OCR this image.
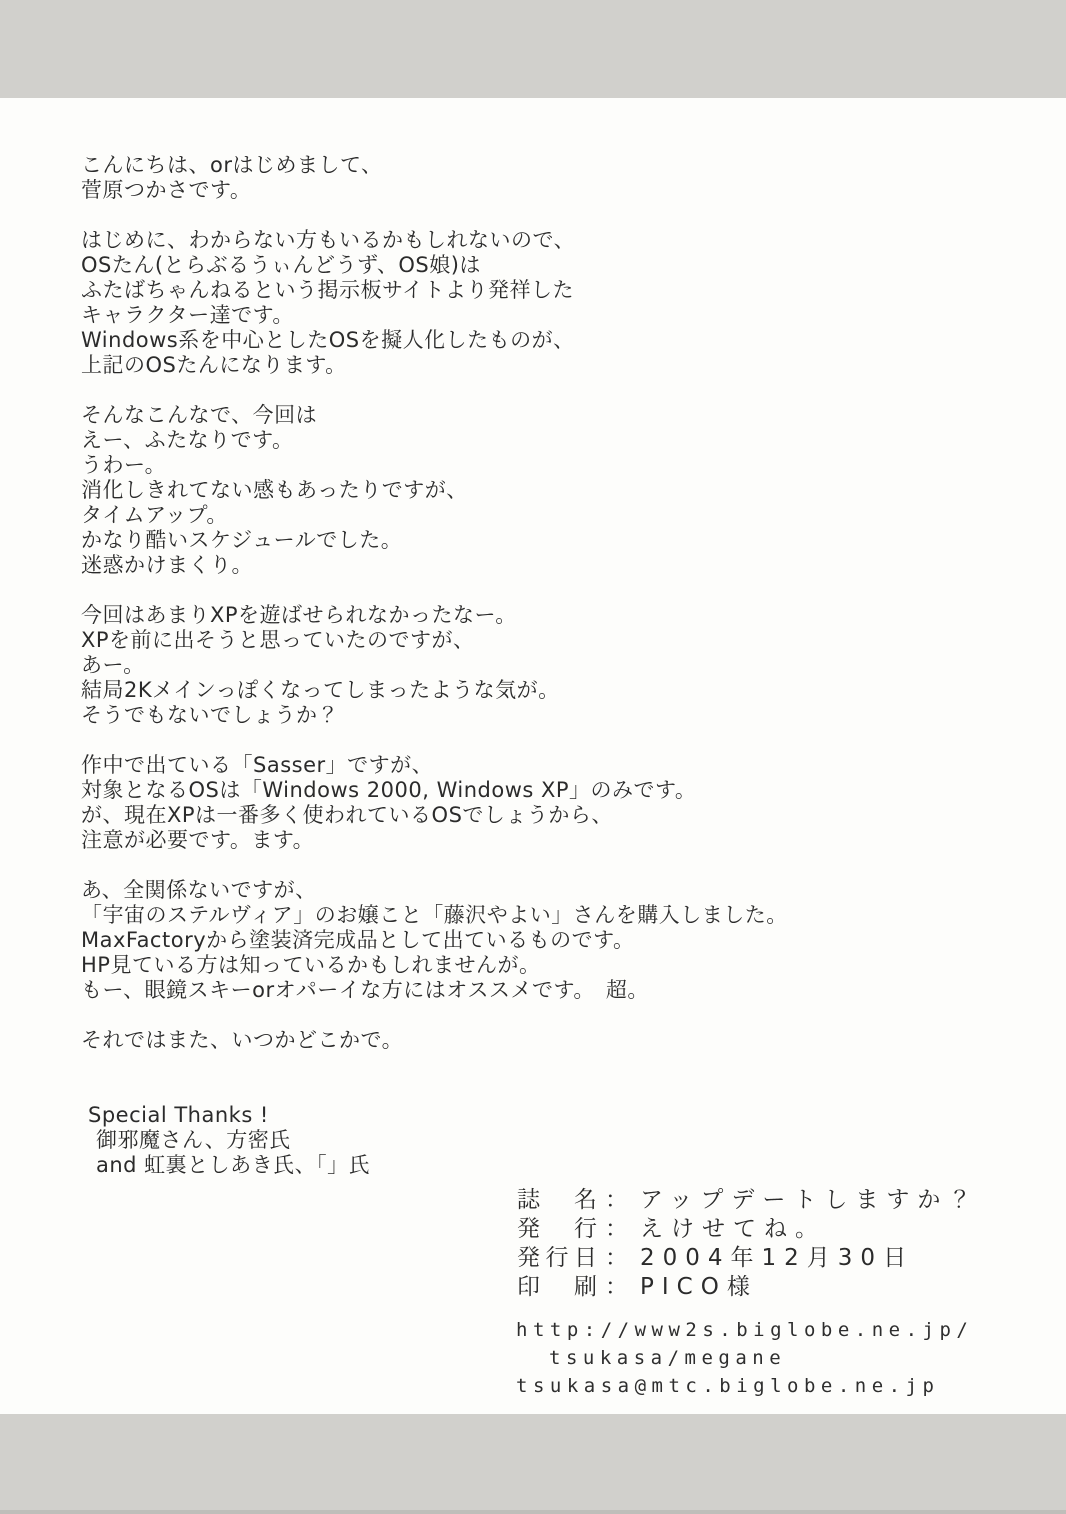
こんにちは、orはじめまして、
菅原つかさです。
はじめに、わからない方もいるかもしれないので、
OSたん(とらぶるうぃんどうず、OS娘)は
ふたばちゃんねるという掲示板サイトより発祥した
キャラクター達です。
Windows系を中心としたOSを擬人化したものが、
上記のOSたんになります。
そんなこんなで、今回は
えー、ふたなりです。
うわー。
消化しきれてない感もあったりですが、
タイムアップ。
かなり酷いスケジュールでした。
迷惑かけまくり。
今回はあまりXPを遊ばせられなかったなー。
XPを前に出そうと思っていたのですが、
あー。
結局2Kメインっぽくなってしまったような気が。
そうでもないでしょうか？
作中で出ている「Sasser」ですが、
対象となるOSは「Windows 2000, Windows XP」のみです。
が、現在XPは一番多く使われているOSでしょうから、
注意が必要です。ます。
あ、全関係ないですが、
「宇宙のステルヴィア」のお嬢こと「藤沢やよい」さんを購入しました。
MaxFactoryから塗装済完成品として出ているものです。
HP見ている方は知っているかもしれませんが。
もー、眼鏡スキーorオパーイな方にはオススメです。　超。
それではまた、いつかどこかで。
Special Thanks !
御邪魔さん、方密氏
and 虹裏としあき氏、「」氏
誌名 ： アップデートしますか？
発行 ： えけせてね。
発行日 ： 2004年12月30日
印刷 ： PICO様
http://www2s.biglobe.ne.jp/
tsukasa/megane
tsukasa@mtc.biglobe.ne.jp
